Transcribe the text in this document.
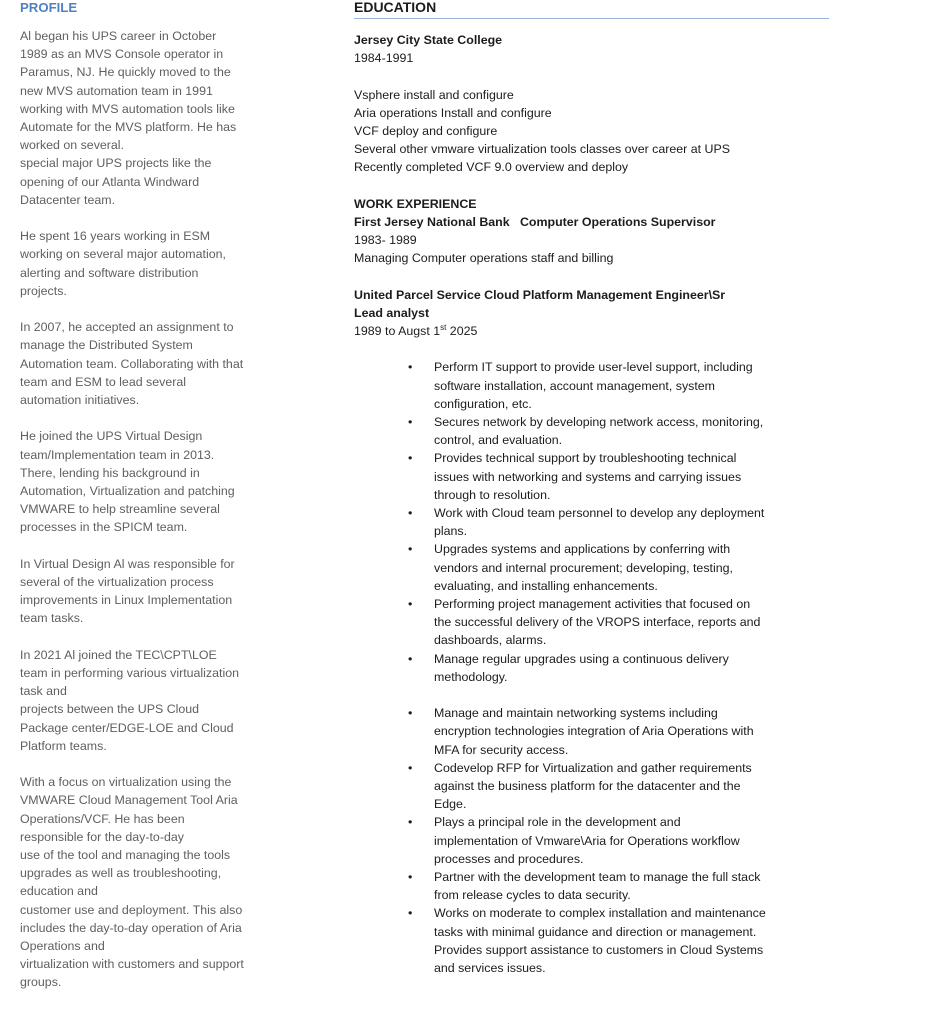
PROFILE
Al began his UPS career in October
1989 as an MVS Console operator in
Paramus, NJ. He quickly moved to the
new MVS automation team in 1991
working with MVS automation tools like
Automate for the MVS platform. He has
worked on several.
special major UPS projects like the
opening of our Atlanta Windward
Datacenter team.
He spent 16 years working in ESM
working on several major automation,
alerting and software distribution
projects.
In 2007, he accepted an assignment to
manage the Distributed System
Automation team. Collaborating with that
team and ESM to lead several
automation initiatives.
He joined the UPS Virtual Design
team/Implementation team in 2013.
There, lending his background in
Automation, Virtualization and patching
VMWARE to help streamline several
processes in the SPICM team.
In Virtual Design Al was responsible for
several of the virtualization process
improvements in Linux Implementation
team tasks.
In 2021 Al joined the TEC\CPT\LOE
team in performing various virtualization
task and
projects between the UPS Cloud
Package center/EDGE-LOE and Cloud
Platform teams.
With a focus on virtualization using the
VMWARE Cloud Management Tool Aria
Operations/VCF. He has been
responsible for the day-to-day
use of the tool and managing the tools
upgrades as well as troubleshooting,
education and
customer use and deployment. This also
includes the day-to-day operation of Aria
Operations and
virtualization with customers and support
groups.
EDUCATION
Jersey City State College
1984-1991
Vsphere install and configure
Aria operations Install and configure
VCF deploy and configure
Several other vmware virtualization tools classes over career at UPS
Recently completed VCF 9.0 overview and deploy
WORK EXPERIENCE
First Jersey National Bank   Computer Operations Supervisor
1983- 1989
Managing Computer operations staff and billing
United Parcel Service Cloud Platform Management Engineer\Sr
Lead analyst
1989 to Augst 1st 2025
• Perform IT support to provide user-level support, including
software installation, account management, system
configuration, etc.
• Secures network by developing network access, monitoring,
control, and evaluation.
• Provides technical support by troubleshooting technical
issues with networking and systems and carrying issues
through to resolution.
• Work with Cloud team personnel to develop any deployment
plans.
• Upgrades systems and applications by conferring with
vendors and internal procurement; developing, testing,
evaluating, and installing enhancements.
• Performing project management activities that focused on
the successful delivery of the VROPS interface, reports and
dashboards, alarms.
• Manage regular upgrades using a continuous delivery
methodology.
• Manage and maintain networking systems including
encryption technologies integration of Aria Operations with
MFA for security access.
• Codevelop RFP for Virtualization and gather requirements
against the business platform for the datacenter and the
Edge.
• Plays a principal role in the development and
implementation of Vmware\Aria for Operations workflow
processes and procedures.
• Partner with the development team to manage the full stack
from release cycles to data security.
• Works on moderate to complex installation and maintenance
tasks with minimal guidance and direction or management.
Provides support assistance to customers in Cloud Systems
and services issues.
